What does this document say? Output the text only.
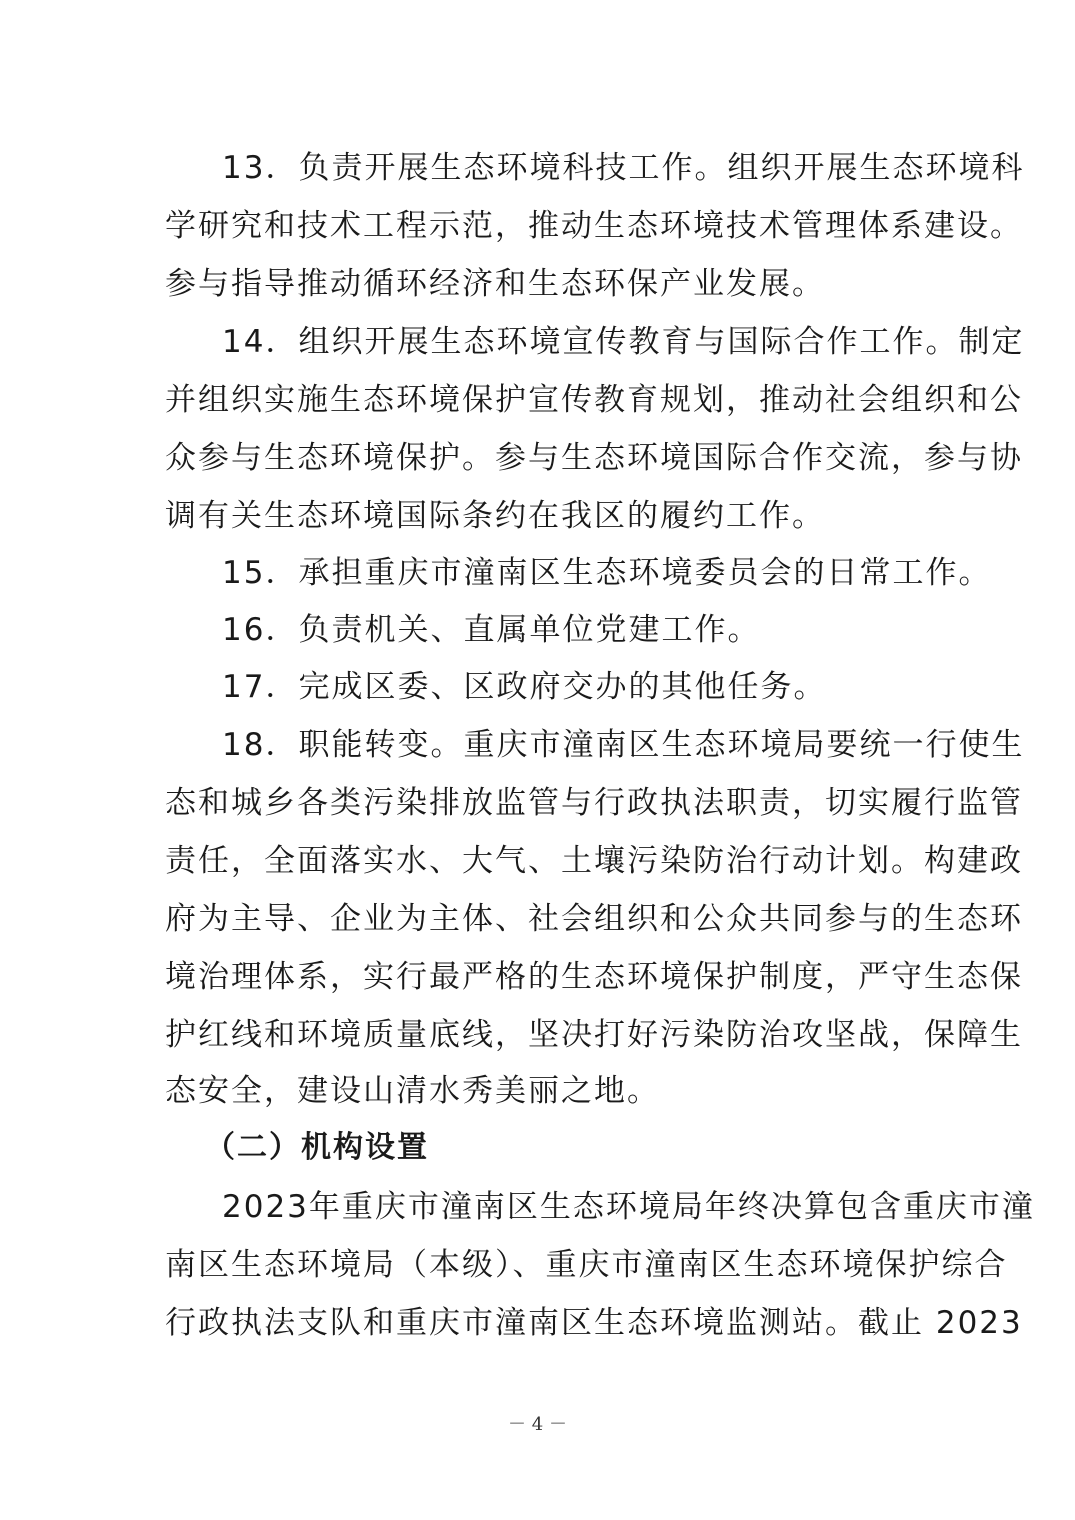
13．负责开展生态环境科技工作。组织开展生态环境科
学研究和技术工程示范，推动生态环境技术管理体系建设。
参与指导推动循环经济和生态环保产业发展。
14．组织开展生态环境宣传教育与国际合作工作。制定
并组织实施生态环境保护宣传教育规划，推动社会组织和公
众参与生态环境保护。参与生态环境国际合作交流，参与协
调有关生态环境国际条约在我区的履约工作。
15．承担重庆市潼南区生态环境委员会的日常工作。
16．负责机关、直属单位党建工作。
17．完成区委、区政府交办的其他任务。
18．职能转变。重庆市潼南区生态环境局要统一行使生
态和城乡各类污染排放监管与行政执法职责，切实履行监管
责任，全面落实水、大气、土壤污染防治行动计划。构建政
府为主导、企业为主体、社会组织和公众共同参与的生态环
境治理体系，实行最严格的生态环境保护制度，严守生态保
护红线和环境质量底线，坚决打好污染防治攻坚战，保障生
态安全，建设山清水秀美丽之地。
（二）机构设置
2023年重庆市潼南区生态环境局年终决算包含重庆市潼
南区生态环境局（本级）、重庆市潼南区生态环境保护综合
行政执法支队和重庆市潼南区生态环境监测站。截止 2023
－ 4 －
